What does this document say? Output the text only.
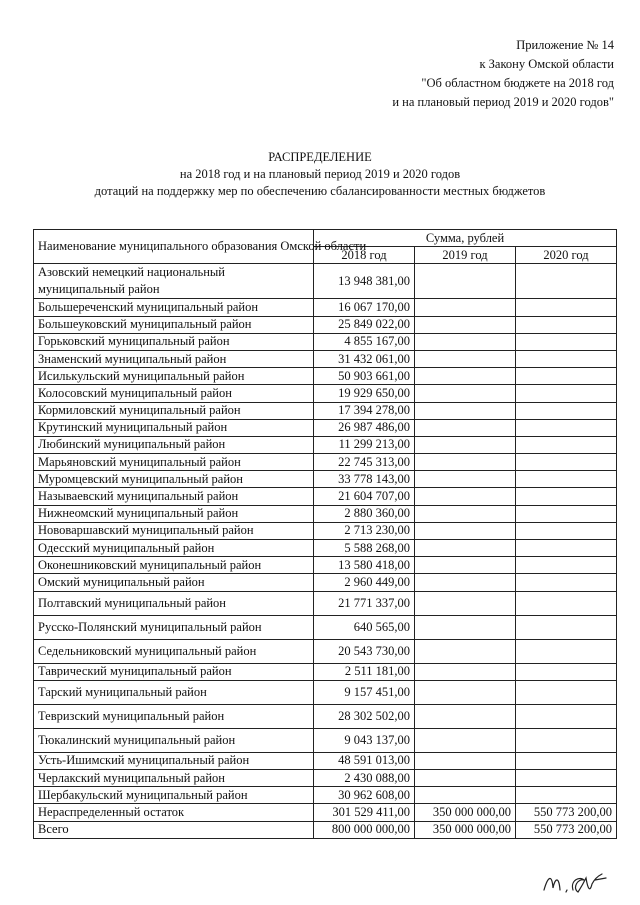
Приложение № 14
к Закону Омской области
"Об областном бюджете на 2018 год
и на плановый период 2019 и 2020 годов"
РАСПРЕДЕЛЕНИЕ
на 2018 год и на плановый период 2019 и 2020 годов
дотаций на поддержку мер по обеспечению сбалансированности местных бюджетов
Наименование муниципального образования Омской области	Сумма, рублей		
	2018 год	2019 год	2020 год
Азовский немецкий национальный муниципальный район	13 948 381,00		
Большереченский муниципальный район	16 067 170,00		
Большеуковский муниципальный район	25 849 022,00		
Горьковский муниципальный район	4 855 167,00		
Знаменский муниципальный район	31 432 061,00		
Исилькульский муниципальный район	50 903 661,00		
Колосовский муниципальный район	19 929 650,00		
Кормиловский муниципальный район	17 394 278,00		
Крутинский муниципальный район	26 987 486,00		
Любинский муниципальный район	11 299 213,00		
Марьяновский муниципальный район	22 745 313,00		
Муромцевский муниципальный район	33 778 143,00		
Называевский муниципальный район	21 604 707,00		
Нижнеомский муниципальный район	2 880 360,00		
Нововаршавский муниципальный район	2 713 230,00		
Одесский муниципальный район	5 588 268,00		
Оконешниковский муниципальный район	13 580 418,00		
Омский муниципальный район	2 960 449,00		
Полтавский муниципальный район	21 771 337,00		
Русско-Полянский муниципальный район	640 565,00		
Седельниковский муниципальный район	20 543 730,00		
Таврический муниципальный район	2 511 181,00		
Тарский муниципальный район	9 157 451,00		
Тевризский муниципальный район	28 302 502,00		
Тюкалинский муниципальный район	9 043 137,00		
Усть-Ишимский муниципальный район	48 591 013,00		
Черлакский муниципальный район	2 430 088,00		
Шербакульский муниципальный район	30 962 608,00		
Нераспределенный остаток	301 529 411,00	350 000 000,00	550 773 200,00
Всего	800 000 000,00	350 000 000,00	550 773 200,00
